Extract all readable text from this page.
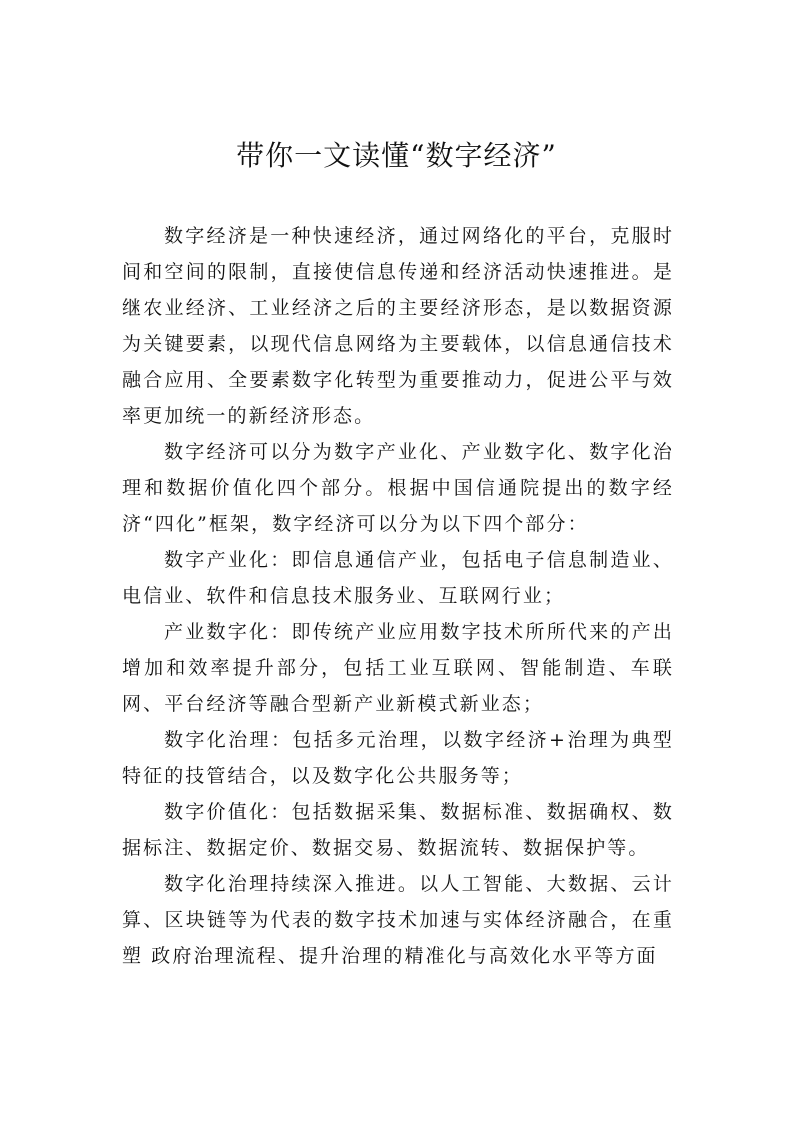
带你一文读懂“数字经济”

数字经济是一种快速经济，通过网络化的平台，克服时间和空间的限制，直接使信息传递和经济活动快速推进。是继农业经济、工业经济之后的主要经济形态，是以数据资源为关键要素，以现代信息网络为主要载体，以信息通信技术融合应用、全要素数字化转型为重要推动力，促进公平与效率更加统一的新经济形态。

数字经济可以分为数字产业化、产业数字化、数字化治理和数据价值化四个部分。根据中国信通院提出的数字经济“四化”框架，数字经济可以分为以下四个部分：

数字产业化：即信息通信产业，包括电子信息制造业、电信业、软件和信息技术服务业、互联网行业；

产业数字化：即传统产业应用数字技术所所代来的产出增加和效率提升部分，包括工业互联网、智能制造、车联 网、平台经济等融合型新产业新模式新业态；

数字化治理：包括多元治理，以数字经济+治理为典型特征的技管结合，以及数字化公共服务等；

数字价值化：包括数据采集、数据标准、数据确权、数据标注、数据定价、数据交易、数据流转、数据保护等。

数字化治理持续深入推进。以人工智能、大数据、云计算、区块链等为代表的数字技术加速与实体经济融合，在重塑 政府治理流程、提升治理的精准化与高效化水平等方面
